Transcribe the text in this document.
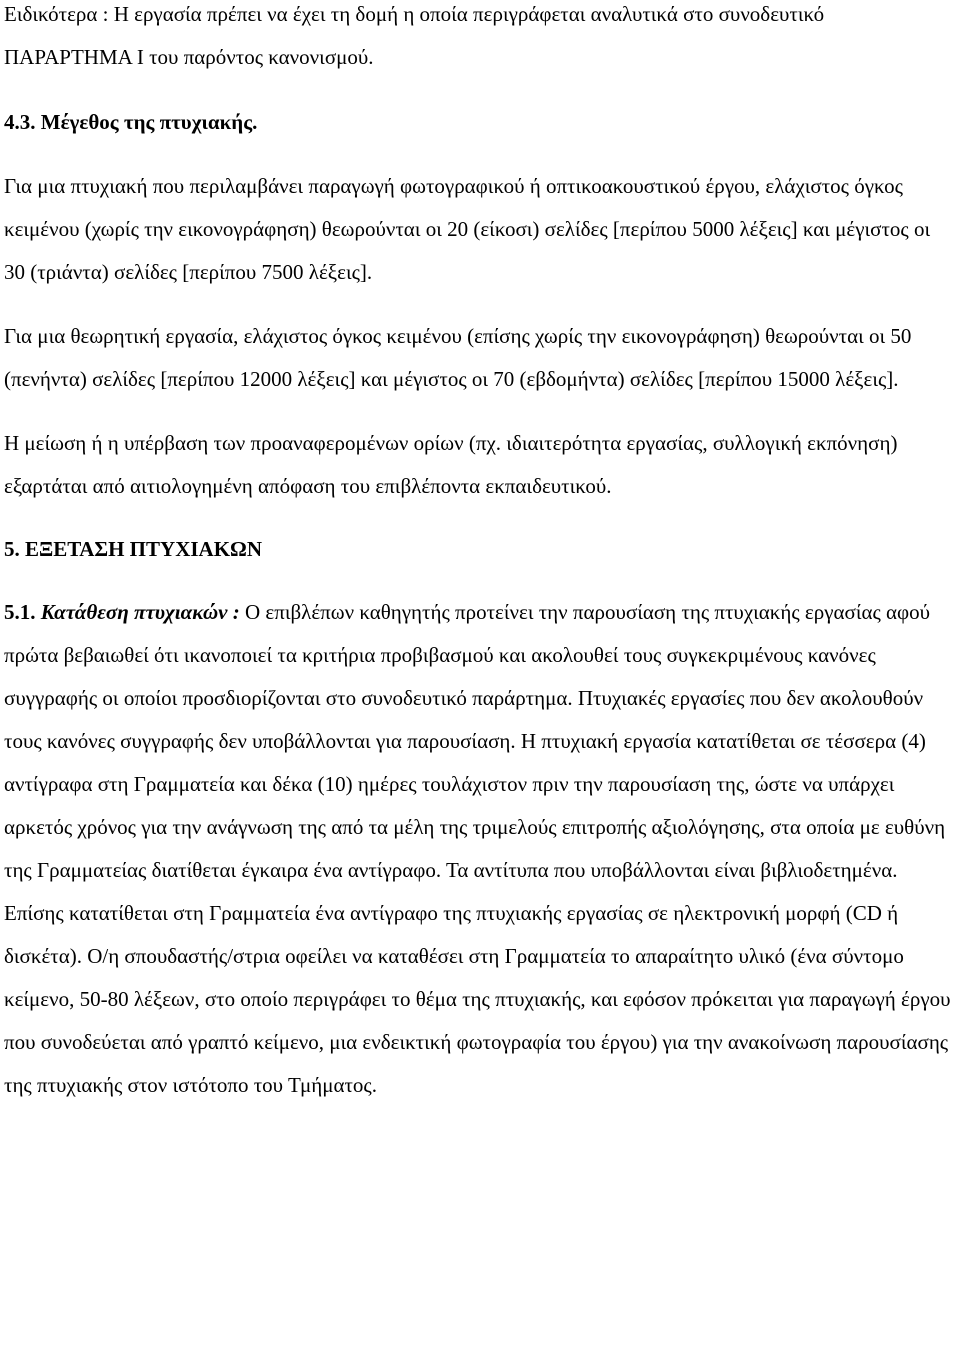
Ειδικότερα : Η εργασία πρέπει να έχει τη δομή η οποία περιγράφεται αναλυτικά στο συνοδευτικό ΠΑΡΑΡΤΗΜΑ Ι του παρόντος κανονισμού.

4.3. Μέγεθος της πτυχιακής.

Για μια πτυχιακή που περιλαμβάνει παραγωγή φωτογραφικού ή οπτικοακουστικού έργου, ελάχιστος όγκος κειμένου (χωρίς την εικονογράφηση) θεωρούνται οι 20 (είκοσι) σελίδες [περίπου 5000 λέξεις] και μέγιστος οι 30 (τριάντα) σελίδες [περίπου 7500 λέξεις].

Για μια θεωρητική εργασία, ελάχιστος όγκος κειμένου (επίσης χωρίς την εικονογράφηση) θεωρούνται οι 50 (πενήντα) σελίδες [περίπου 12000 λέξεις] και μέγιστος οι 70 (εβδομήντα) σελίδες [περίπου 15000 λέξεις].

Η μείωση ή η υπέρβαση των προαναφερομένων ορίων (πχ. ιδιαιτερότητα εργασίας, συλλογική εκπόνηση) εξαρτάται από αιτιολογημένη απόφαση του επιβλέποντα εκπαιδευτικού.

5. ΕΞΕΤΑΣΗ ΠΤΥΧΙΑΚΩΝ

5.1. Κατάθεση πτυχιακών : Ο επιβλέπων καθηγητής προτείνει την παρουσίαση της πτυχιακής εργασίας αφού πρώτα βεβαιωθεί ότι ικανοποιεί τα κριτήρια προβιβασμού και ακολουθεί τους συγκεκριμένους κανόνες συγγραφής οι οποίοι προσδιορίζονται στο συνοδευτικό παράρτημα. Πτυχιακές εργασίες που δεν ακολουθούν τους κανόνες συγγραφής δεν υποβάλλονται για παρουσίαση. Η πτυχιακή εργασία κατατίθεται σε τέσσερα (4) αντίγραφα στη Γραμματεία και δέκα (10) ημέρες τουλάχιστον πριν την παρουσίαση της, ώστε να υπάρχει αρκετός χρόνος για την ανάγνωση της από τα μέλη της τριμελούς επιτροπής αξιολόγησης, στα οποία με ευθύνη της Γραμματείας διατίθεται έγκαιρα ένα αντίγραφο. Τα αντίτυπα που υποβάλλονται είναι βιβλιοδετημένα. Επίσης κατατίθεται στη Γραμματεία ένα αντίγραφο της πτυχιακής εργασίας σε ηλεκτρονική μορφή (CD ή δισκέτα). Ο/η σπουδαστής/στρια οφείλει να καταθέσει στη Γραμματεία το απαραίτητο υλικό (ένα σύντομο κείμενο, 50-80 λέξεων, στο οποίο περιγράφει το θέμα της πτυχιακής, και εφόσον πρόκειται για παραγωγή έργου που συνοδεύεται από γραπτό κείμενο, μια ενδεικτική φωτογραφία του έργου) για την ανακοίνωση παρουσίασης της πτυχιακής στον ιστότοπο του Τμήματος.
